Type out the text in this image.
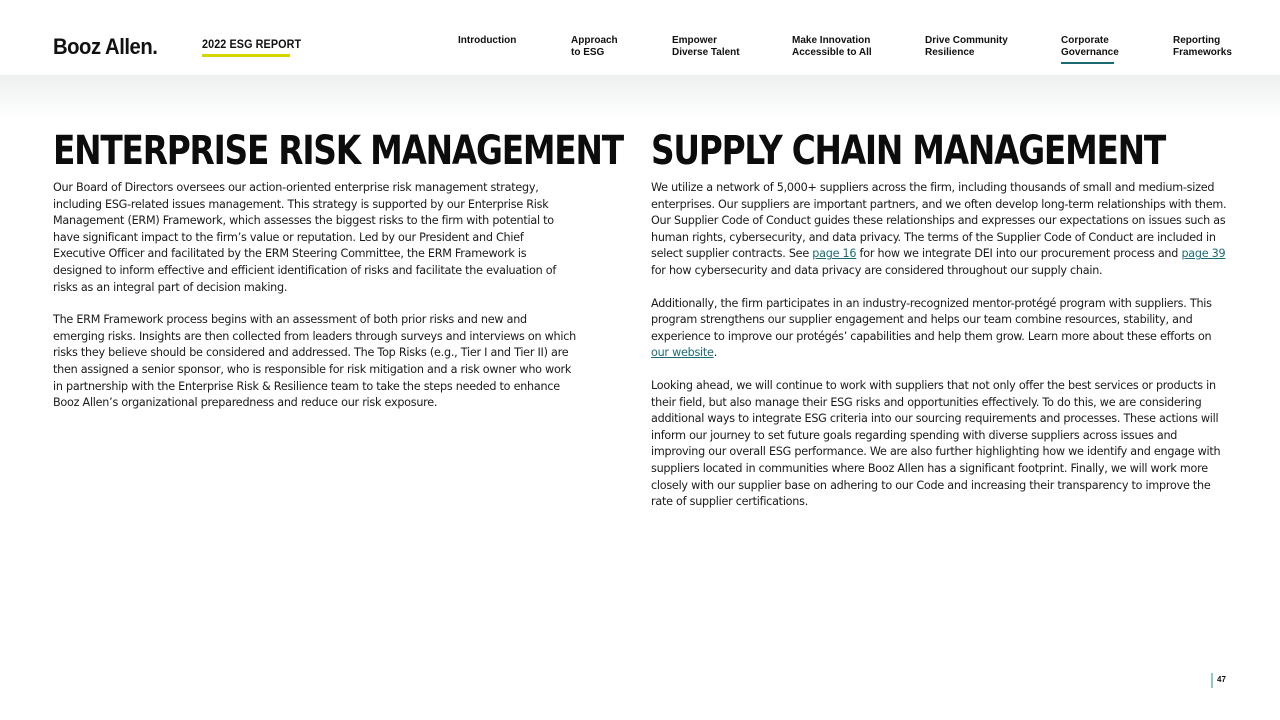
Booz Allen.	2022 ESG REPORT	Introduction	Approach
to ESG
Empower
Diverse Talent
Make Innovation
Accessible to All
Drive Community
Resilience
Corporate
Governance
Reporting
Frameworks
ENTERPRISE RISK MANAGEMENT

Our Board of Directors oversees our action-oriented enterprise risk management strategy, including ESG-related issues management. This strategy is supported by our Enterprise Risk Management (ERM) Framework, which assesses the biggest risks to the firm with potential to have significant impact to the firm’s value or reputation. Led by our President and Chief Executive Officer and facilitated by the ERM Steering Committee, the ERM Framework is designed to inform effective and efficient identification of risks and facilitate the evaluation of risks as an integral part of decision making.

The ERM Framework process begins with an assessment of both prior risks and new and emerging risks. Insights are then collected from leaders through surveys and interviews on which risks they believe should be considered and addressed. The Top Risks (e.g., Tier I and Tier II) are then assigned a senior sponsor, who is responsible for risk mitigation and a risk owner who work in partnership with the Enterprise Risk & Resilience team to take the steps needed to enhance Booz Allen’s organizational preparedness and reduce our risk exposure.

SUPPLY CHAIN MANAGEMENT

We utilize a network of 5,000+ suppliers across the firm, including thousands of small and medium-sized enterprises. Our suppliers are important partners, and we often develop long-term relationships with them. Our Supplier Code of Conduct guides these relationships and expresses our expectations on issues such as human rights, cybersecurity, and data privacy. The terms of the Supplier Code of Conduct are included in select supplier contracts. See page 16 for how we integrate DEI into our procurement process and page 39 for how cybersecurity and data privacy are considered throughout our supply chain.

Additionally, the firm participates in an industry-recognized mentor-protégé program with suppliers. This program strengthens our supplier engagement and helps our team combine resources, stability, and experience to improve our protégés’ capabilities and help them grow. Learn more about these efforts on our website.

Looking ahead, we will continue to work with suppliers that not only offer the best services or products in their field, but also manage their ESG risks and opportunities effectively. To do this, we are considering additional ways to integrate ESG criteria into our sourcing requirements and processes. These actions will inform our journey to set future goals regarding spending with diverse suppliers across issues and improving our overall ESG performance. We are also further highlighting how we identify and engage with suppliers located in communities where Booz Allen has a significant footprint. Finally, we will work more closely with our supplier base on adhering to our Code and increasing their transparency to improve the rate of supplier certifications.

47
